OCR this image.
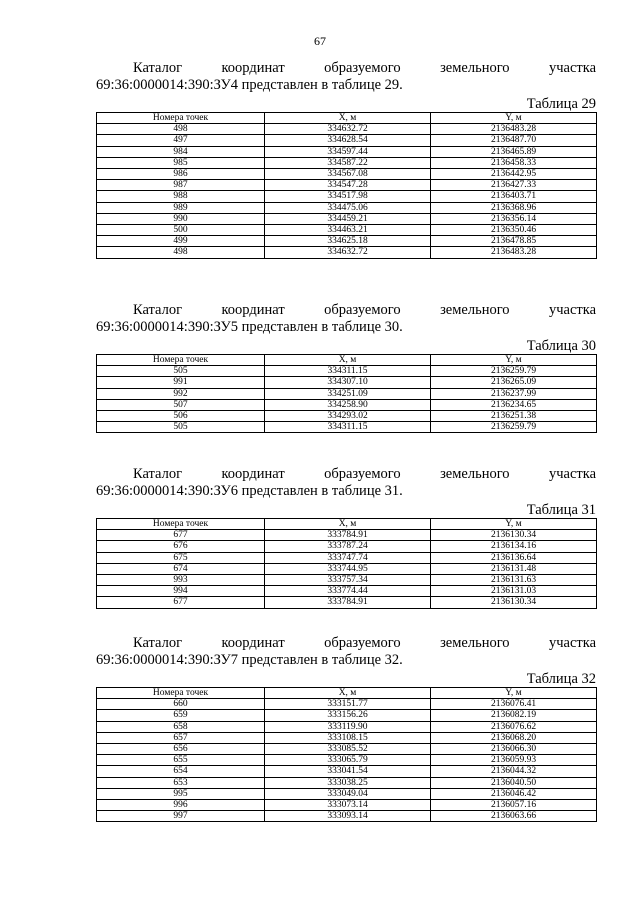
67
Каталог координат образуемого земельного участка
69:36:0000014:390:ЗУ4 представлен в таблице 29.
Таблица 29
Номера точек	X, м	Y, м
498	334632.72	2136483.28
497	334628.54	2136487.70
984	334597.44	2136465.89
985	334587.22	2136458.33
986	334567.08	2136442.95
987	334547.28	2136427.33
988	334517.98	2136403.71
989	334475.06	2136368.96
990	334459.21	2136356.14
500	334463.21	2136350.46
499	334625.18	2136478.85
498	334632.72	2136483.28
Каталог координат образуемого земельного участка
69:36:0000014:390:ЗУ5 представлен в таблице 30.
Таблица 30
Номера точек	X, м	Y, м
505	334311.15	2136259.79
991	334307.10	2136265.09
992	334251.09	2136237.99
507	334258.90	2136234.65
506	334293.02	2136251.38
505	334311.15	2136259.79
Каталог координат образуемого земельного участка
69:36:0000014:390:ЗУ6 представлен в таблице 31.
Таблица 31
Номера точек	X, м	Y, м
677	333784.91	2136130.34
676	333787.24	2136134.16
675	333747.74	2136136.64
674	333744.95	2136131.48
993	333757.34	2136131.63
994	333774.44	2136131.03
677	333784.91	2136130.34
Каталог координат образуемого земельного участка
69:36:0000014:390:ЗУ7 представлен в таблице 32.
Таблица 32
Номера точек	X, м	Y, м
660	333151.77	2136076.41
659	333156.26	2136082.19
658	333119.90	2136076.62
657	333108.15	2136068.20
656	333085.52	2136066.30
655	333065.79	2136059.93
654	333041.54	2136044.32
653	333038.25	2136040.50
995	333049.04	2136046.42
996	333073.14	2136057.16
997	333093.14	2136063.66
